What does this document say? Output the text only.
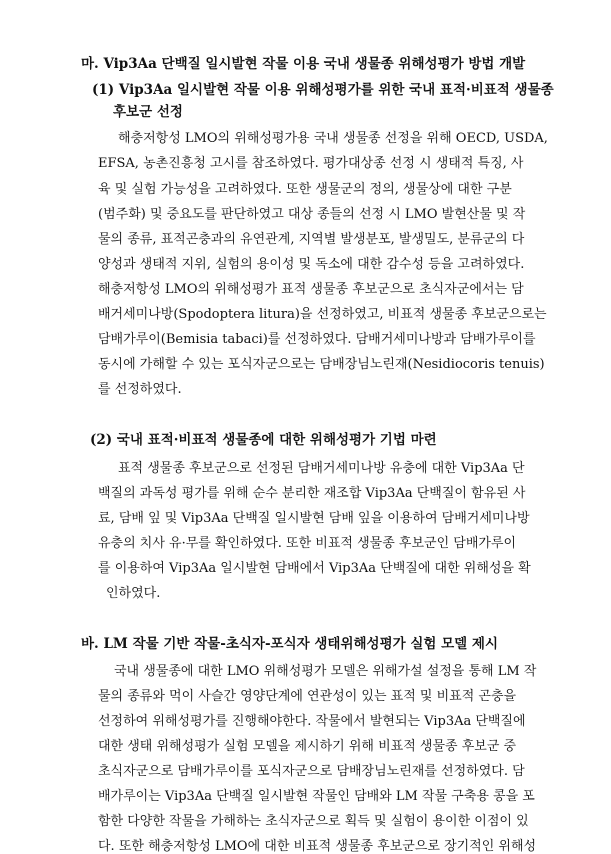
마. Vip3Aa 단백질 일시발현 작물 이용 국내 생물종 위해성평가 방법 개발
(1) Vip3Aa 일시발현 작물 이용 위해성평가를 위한 국내 표적·비표적 생물종
후보군 선정
해충저항성 LMO의 위해성평가용 국내 생물종 선정을 위해 OECD, USDA,
EFSA, 농촌진흥청 고시를 참조하였다. 평가대상종 선정 시 생태적 특징, 사
육 및 실험 가능성을 고려하였다. 또한 생물군의 정의, 생물상에 대한 구분
(범주화) 및 중요도를 판단하였고 대상 종들의 선정 시 LMO 발현산물 및 작
물의 종류, 표적곤충과의 유연관계, 지역별 발생분포, 발생밀도, 분류군의 다
양성과 생태적 지위, 실험의 용이성 및 독소에 대한 감수성 등을 고려하였다.
해충저항성 LMO의 위해성평가 표적 생물종 후보군으로 초식자군에서는 담
배거세미나방(Spodoptera litura)을 선정하였고, 비표적 생물종 후보군으로는
담배가루이(Bemisia tabaci)를 선정하였다. 담배거세미나방과 담배가루이를
동시에 가해할 수 있는 포식자군으로는 담배장님노린재(Nesidiocoris tenuis)
를 선정하였다.
(2) 국내 표적·비표적 생물종에 대한 위해성평가 기법 마련
표적 생물종 후보군으로 선정된 담배거세미나방 유충에 대한 Vip3Aa 단
백질의 과독성 평가를 위해 순수 분리한 재조합 Vip3Aa 단백질이 함유된 사
료, 담배 잎 및 Vip3Aa 단백질 일시발현 담배 잎을 이용하여 담배거세미나방
유충의 치사 유·무를 확인하였다. 또한 비표적 생물종 후보군인 담배가루이
를 이용하여 Vip3Aa 일시발현 담배에서 Vip3Aa 단백질에 대한 위해성을 확
인하였다.
바. LM 작물 기반 작물-초식자-포식자 생태위해성평가 실험 모델 제시
국내 생물종에 대한 LMO 위해성평가 모델은 위해가설 설정을 통해 LM 작
물의 종류와 먹이 사슬간 영양단계에 연관성이 있는 표적 및 비표적 곤충을
선정하여 위해성평가를 진행해야한다. 작물에서 발현되는 Vip3Aa 단백질에
대한 생태 위해성평가 실험 모델을 제시하기 위해 비표적 생물종 후보군 중
초식자군으로 담배가루이를 포식자군으로 담배장님노린재를 선정하였다. 담
배가루이는 Vip3Aa 단백질 일시발현 작물인 담배와 LM 작물 구축용 콩을 포
함한 다양한 작물을 가해하는 초식자군으로 획득 및 실험이 용이한 이점이 있
다. 또한 해충저항성 LMO에 대한 비표적 생물종 후보군으로 장기적인 위해성
